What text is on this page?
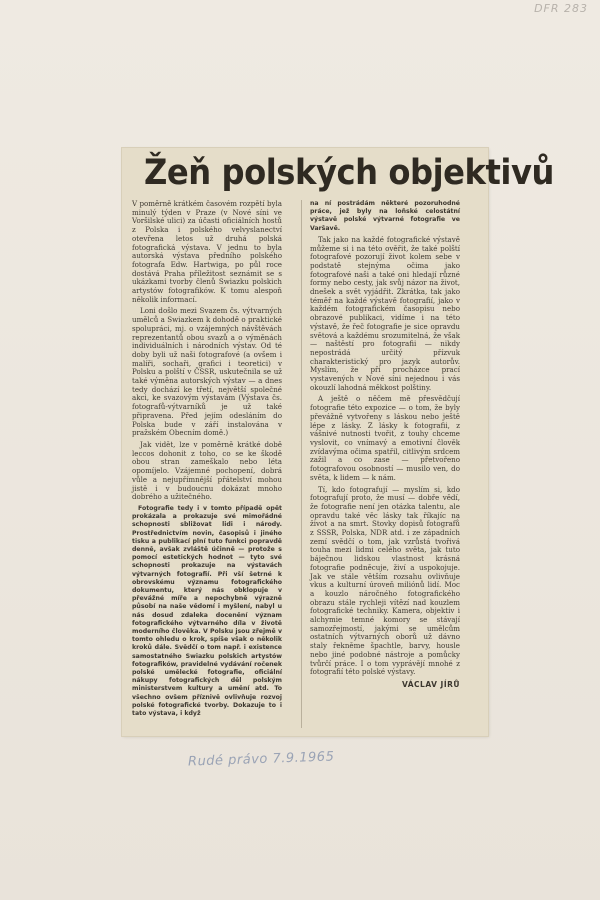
DFR 283
Žeň polských objektivů

V poměrně krátkém časovém rozpětí byla minulý týden v Praze (v Nové síni ve Voršilské ulici) za účasti oficiálních hostů z Polska i polského velvyslanectví otevřena letos už druhá polská fotografická výstava. V jednu to byla autorská výstava předního polského fotografa Edw. Hartwiga, po půl roce dostává Praha příležitost seznámit se s ukázkami tvorby členů Swiazku polskich artystów fotografików. K tomu alespoň několik informací.

Loni došlo mezi Svazem čs. výtvarných umělců a Swiazkem k dohodě o praktické spolupráci, mj. o vzájemných návštěvách reprezentantů obou svazů a o výměnách individuálních i národních výstav. Od té doby byli už naši fotografové (a ovšem i malíři, sochaři, grafici i teoretici) v Polsku a polští v ČSSR, uskutečnila se už také výměna autorských výstav — a dnes tedy dochází ke třetí, největší společné akci, ke svazovým výstavám (Výstava čs. fotografů-výtvarníků je už také připravena. Před jejím odesláním do Polska bude v září instalována v pražském Obecním domě.)

Jak vidět, lze v poměrně krátké době leccos dohonit z toho, co se ke škodě obou stran zameškalo nebo léta opomíjelo. Vzájemné pochopení, dobrá vůle a nejupřímnější přátelství mohou jistě i v budoucnu dokázat mnoho dobrého a užitečného.

Fotografie tedy i v tomto případě opět prokázala a prokazuje své mimořádné schopnosti sbližovat lidi i národy. Prostřednictvím novin, časopisů i jiného tisku a publikací plní tuto funkci popravdě denně, avšak zvláště účinně — protože s pomocí estetických hodnot — tyto své schopnosti prokazuje na výstavách výtvarných fotografií. Při vší šetrné k obrovskému významu fotografického dokumentu, který nás obklopuje v převážné míře a nepochybně výrazně působí na naše vědomí i myšlení, nabyl u nás dosud zdaleka docenění význam fotografického výtvarného díla v životě moderního člověka. V Polsku jsou zřejmě v tomto ohledu o krok, spíše však o několik kroků dále. Svědčí o tom např. i existence samostatného Swiazku polskich artystów fotografików, pravidelné vydávání ročenek polské umělecké fotografie, oficiální nákupy fotografických děl polským ministerstvem kultury a umění atd. To všechno ovšem příznivě ovlivňuje rozvoj polské fotografické tvorby. Dokazuje to i tato výstava, i když

na ní postrádám některé pozoruhodné práce, jež byly na loňské celostátní výstavě polské výtvarné fotografie ve Varšavě.

Tak jako na každé fotografické výstavě můžeme si i na této ověřit, že také polští fotografové pozorují život kolem sebe v podstatě stejnýma očima jako fotografové naši a také oni hledají různé formy nebo cesty, jak svůj názor na život, dnešek a svět vyjádřit. Zkrátka, tak jako téměř na každé výstavě fotografií, jako v každém fotografickém časopisu nebo obrazové publikaci, vidíme i na této výstavě, že řeč fotografie je sice opravdu světová a každému srozumitelná, že však — naštěstí pro fotografii — nikdy nepostrádá určitý přízvuk charakteristický pro jazyk autorův. Myslím, že při procházce prací vystavených v Nové síni nejednou i vás okouzlí lahodná měkkost polštiny.

A ještě o něčem mě přesvědčují fotografie této expozice — o tom, že byly převážně vytvořeny s láskou nebo ještě lépe z lásky. Z lásky k fotografii, z vášnivé nutnosti tvořit, z touhy chceme vyslovit, co vnímavý a emotivní člověk zvídavýma očima spatřil, citlivým srdcem zažil a co zase — přetvořeno fotografovou osobností — musilo ven, do světa, k lidem — k nám.

Tí, kdo fotografují — myslím si, kdo fotografují proto, že musí — dobře vědí, že fotografie není jen otázka talentu, ale opravdu také věc lásky tak říkajíc na život a na smrt. Stovky dopisů fotografů z SSSR, Polska, NDR atd. i ze západních zemí svědčí o tom, jak vzrůstá tvořivá touha mezi lidmi celého světa, jak tuto báječnou lidskou vlastnost krásná fotografie podněcuje, živí a uspokojuje. Jak ve stále větším rozsahu ovlivňuje vkus a kulturní úroveň miliónů lidí. Moc a kouzlo náročného fotografického obrazu stále rychleji vítězí nad kouzlem fotografické techniky. Kamera, objektiv i alchymie temné komory se stávají samozřejmostí, jakými se umělcům ostatních výtvarných oborů už dávno staly řekněme špachtle, barvy, housle nebo jiné podobné nástroje a pomůcky tvůrčí práce. I o tom vyprávějí mnohé z fotografií této polské výstavy.

VÁCLAV JÍRŮ
Rudé právo 7.9.1965
